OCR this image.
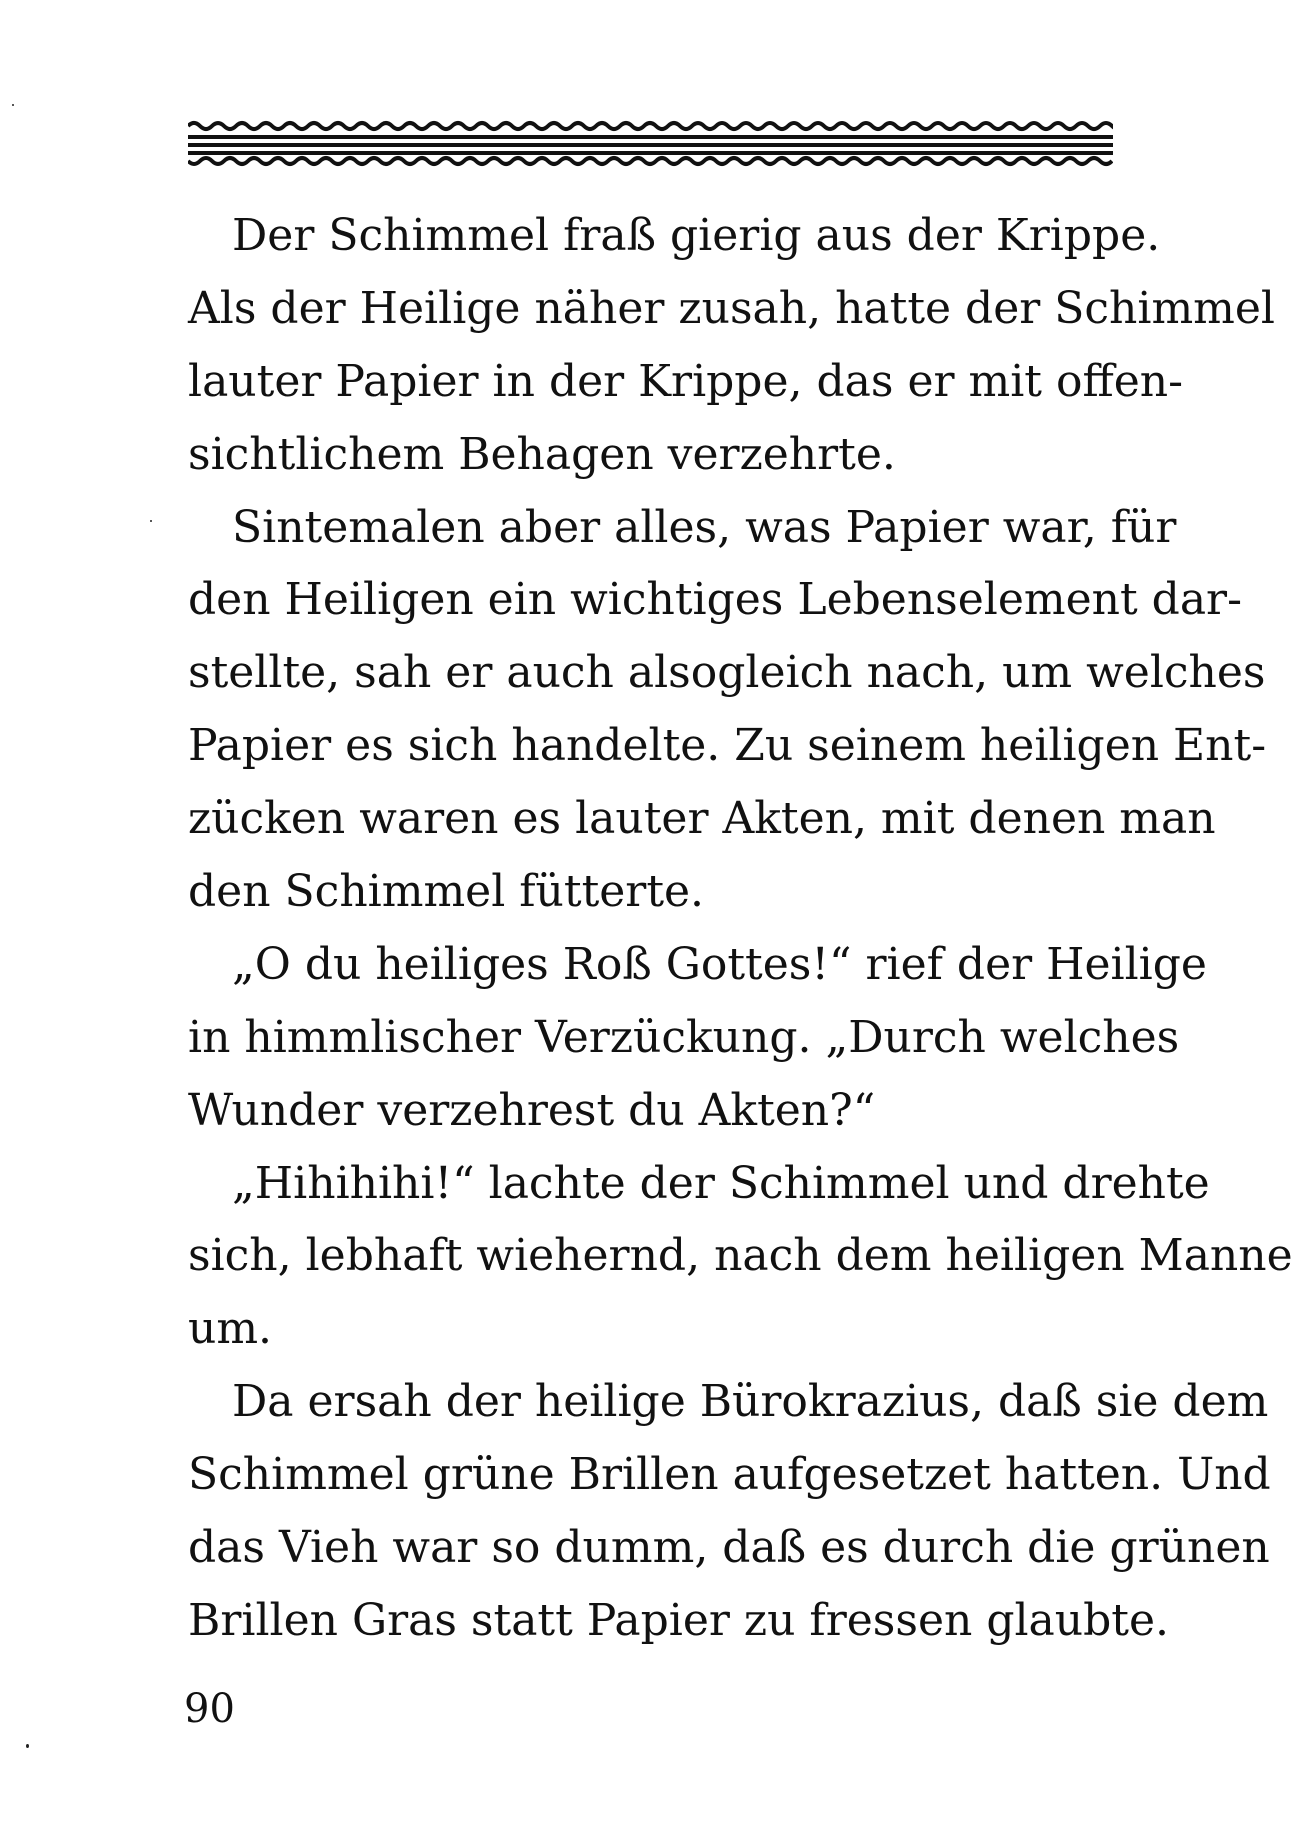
Der Schimmel fraß gierig aus der Krippe.
Als der Heilige näher zusah, hatte der Schimmel
lauter Papier in der Krippe, das er mit offen-
sichtlichem Behagen verzehrte.
Sintemalen aber alles, was Papier war, für
den Heiligen ein wichtiges Lebenselement dar-
stellte, sah er auch alsogleich nach, um welches
Papier es sich handelte. Zu seinem heiligen Ent-
zücken waren es lauter Akten, mit denen man
den Schimmel fütterte.
„O du heiliges Roß Gottes!“ rief der Heilige
in himmlischer Verzückung. „Durch welches
Wunder verzehrest du Akten?“
„Hihihihi!“ lachte der Schimmel und drehte
sich, lebhaft wiehernd, nach dem heiligen Manne
um.
Da ersah der heilige Bürokrazius, daß sie dem
Schimmel grüne Brillen aufgesetzet hatten. Und
das Vieh war so dumm, daß es durch die grünen
Brillen Gras statt Papier zu fressen glaubte.
90
